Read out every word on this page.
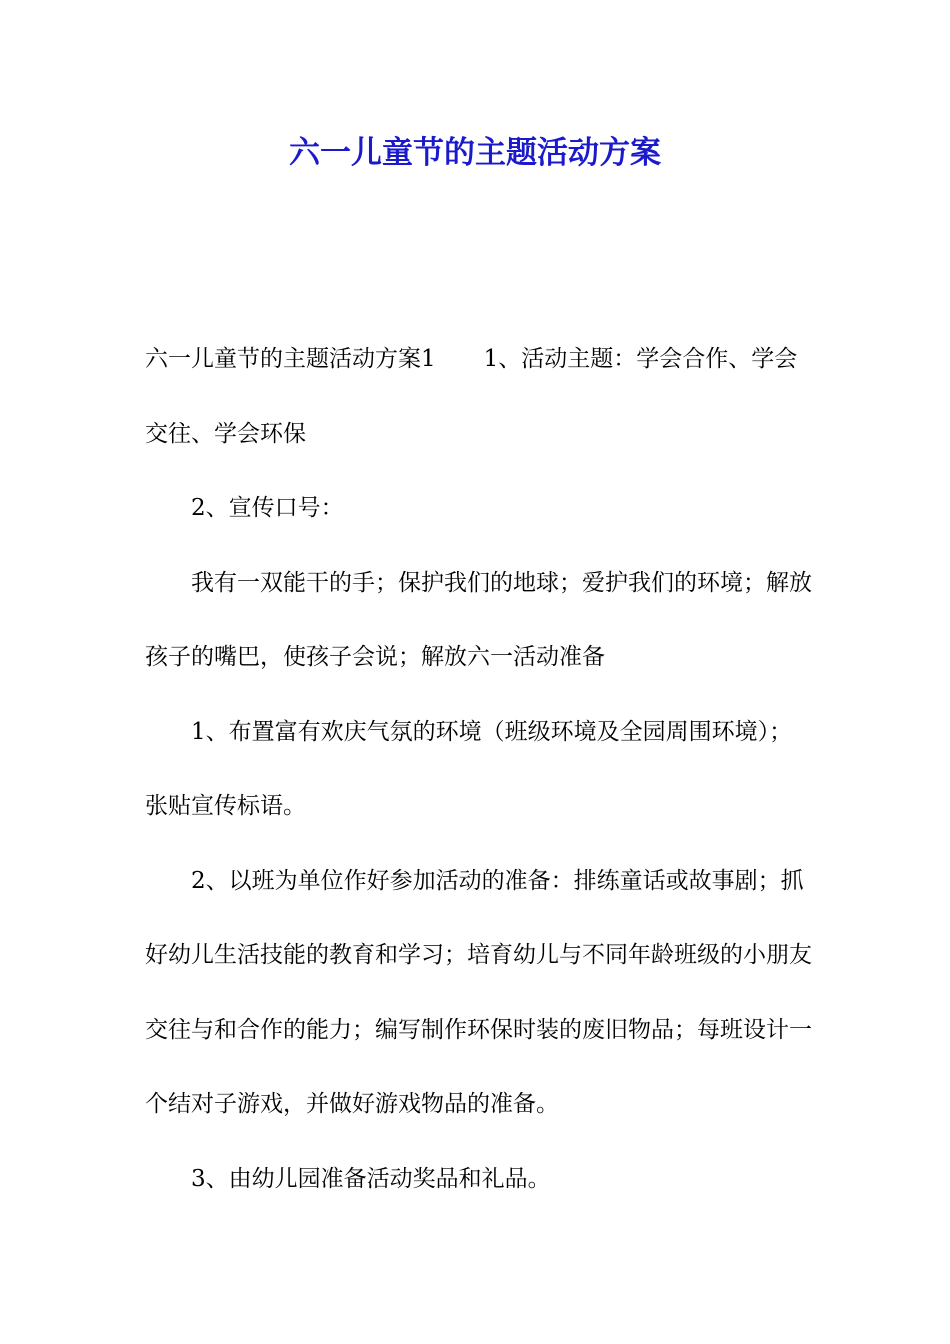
六一儿童节的主题活动方案

六一儿童节的主题活动方案1 1、活动主题：学会合作、学会交往、学会环保

2、宣传口号：

我有一双能干的手；保护我们的地球；爱护我们的环境；解放孩子的嘴巴，使孩子会说；解放六一活动准备

1、布置富有欢庆气氛的环境（班级环境及全园周围环境）；张贴宣传标语。

2、以班为单位作好参加活动的准备：排练童话或故事剧；抓好幼儿生活技能的教育和学习；培育幼儿与不同年龄班级的小朋友交往与和合作的能力；编写制作环保时装的废旧物品；每班设计一个结对子游戏，并做好游戏物品的准备。

3、由幼儿园准备活动奖品和礼品。
